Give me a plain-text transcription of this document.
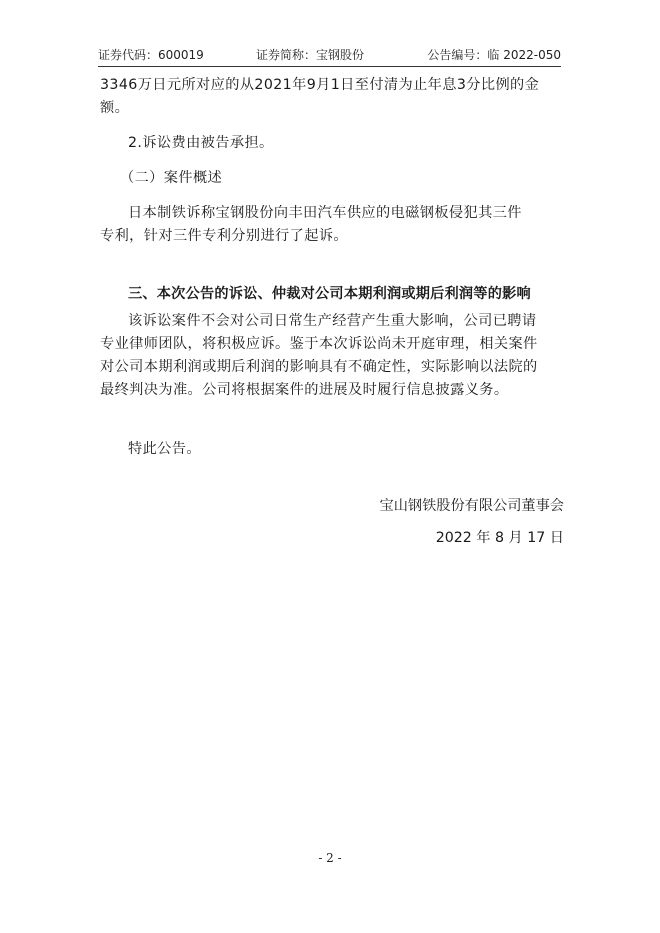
证券代码：600019	证券简称：宝钢股份	公告编号：临 2022-050

3346万日元所对应的从2021年9月1日至付清为止年息3分比例的金

额。

2.诉讼费由被告承担。

（二）案件概述

日本制铁诉称宝钢股份向丰田汽车供应的电磁钢板侵犯其三件

专利，针对三件专利分别进行了起诉。

三、本次公告的诉讼、仲裁对公司本期利润或期后利润等的影响

该诉讼案件不会对公司日常生产经营产生重大影响，公司已聘请

专业律师团队，将积极应诉。鉴于本次诉讼尚未开庭审理，相关案件

对公司本期利润或期后利润的影响具有不确定性，实际影响以法院的

最终判决为准。公司将根据案件的进展及时履行信息披露义务。

特此公告。

宝山钢铁股份有限公司董事会

2022 年 8 月 17 日

- 2 -
